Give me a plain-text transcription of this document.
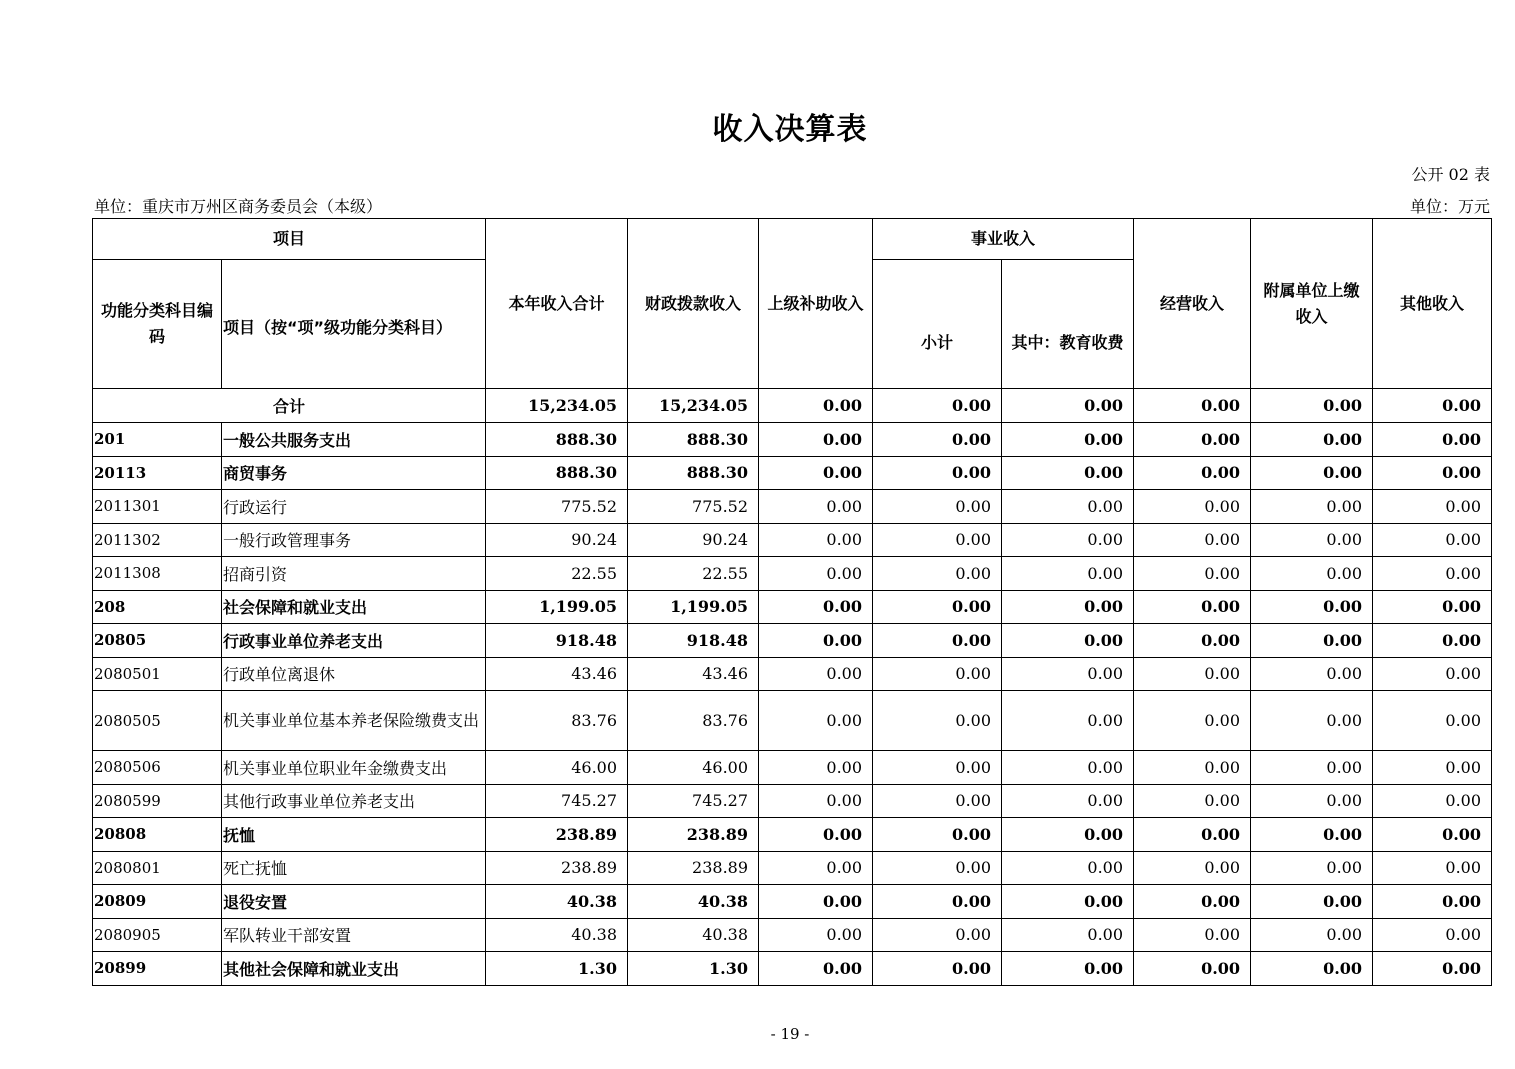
收入决算表
公开 02 表
单位：重庆市万州区商务委员会（本级）	单位：万元
项目		本年收入合计	财政拨款收入	上级补助收入	事业收入		经营收入	附属单位上缴收入	其他收入
功能分类科目编码	项目（按“项”级功能分类科目）				小计	其中：教育收费			
合计		15,234.05	15,234.05	0.00	0.00	0.00	0.00	0.00	0.00
201	一般公共服务支出	888.30	888.30	0.00	0.00	0.00	0.00	0.00	0.00
20113	商贸事务	888.30	888.30	0.00	0.00	0.00	0.00	0.00	0.00
2011301	行政运行	775.52	775.52	0.00	0.00	0.00	0.00	0.00	0.00
2011302	一般行政管理事务	90.24	90.24	0.00	0.00	0.00	0.00	0.00	0.00
2011308	招商引资	22.55	22.55	0.00	0.00	0.00	0.00	0.00	0.00
208	社会保障和就业支出	1,199.05	1,199.05	0.00	0.00	0.00	0.00	0.00	0.00
20805	行政事业单位养老支出	918.48	918.48	0.00	0.00	0.00	0.00	0.00	0.00
2080501	行政单位离退休	43.46	43.46	0.00	0.00	0.00	0.00	0.00	0.00
2080505	机关事业单位基本养老保险缴费支出	83.76	83.76	0.00	0.00	0.00	0.00	0.00	0.00
2080506	机关事业单位职业年金缴费支出	46.00	46.00	0.00	0.00	0.00	0.00	0.00	0.00
2080599	其他行政事业单位养老支出	745.27	745.27	0.00	0.00	0.00	0.00	0.00	0.00
20808	抚恤	238.89	238.89	0.00	0.00	0.00	0.00	0.00	0.00
2080801	死亡抚恤	238.89	238.89	0.00	0.00	0.00	0.00	0.00	0.00
20809	退役安置	40.38	40.38	0.00	0.00	0.00	0.00	0.00	0.00
2080905	军队转业干部安置	40.38	40.38	0.00	0.00	0.00	0.00	0.00	0.00
20899	其他社会保障和就业支出	1.30	1.30	0.00	0.00	0.00	0.00	0.00	0.00
- 19 -
